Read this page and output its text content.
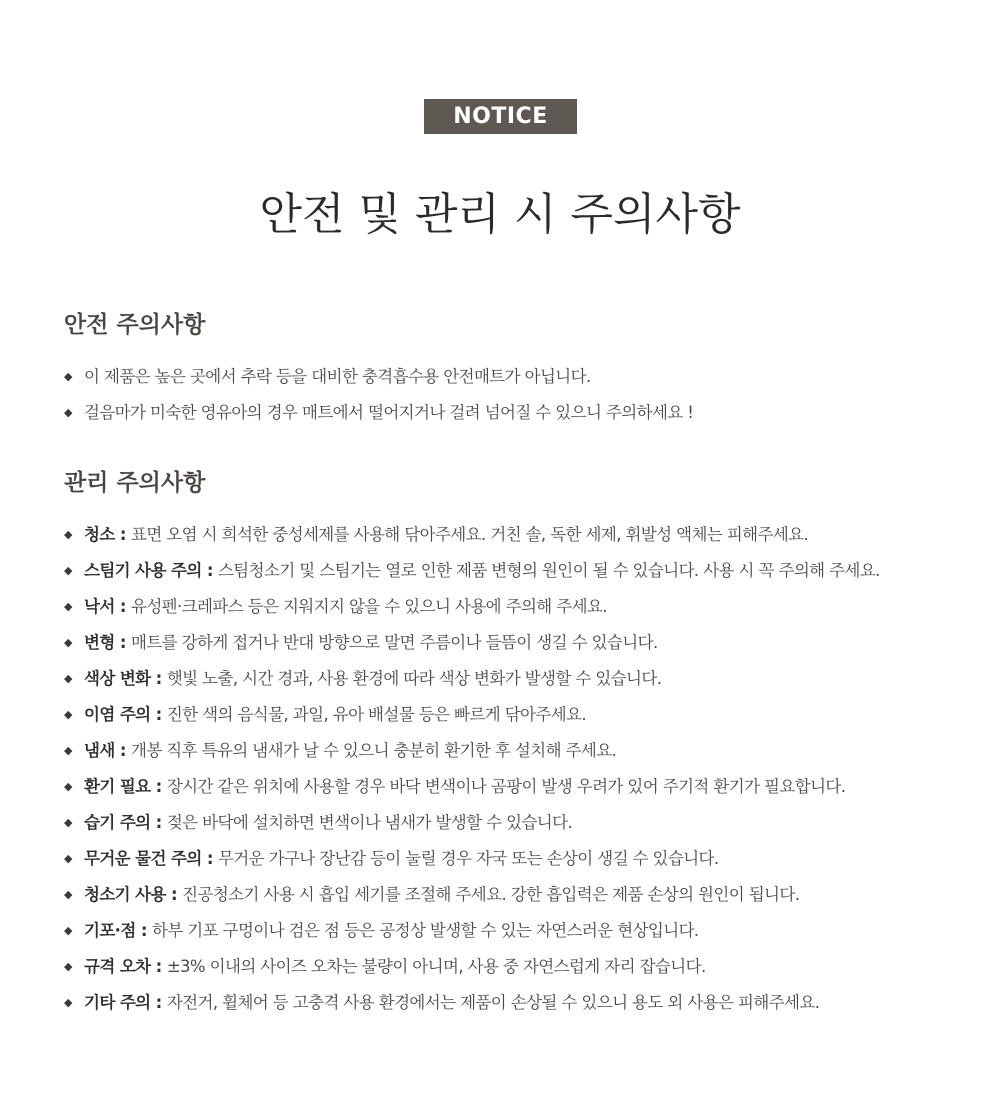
NOTICE
안전 및 관리 시 주의사항
안전 주의사항
◆ 이 제품은 높은 곳에서 추락 등을 대비한 충격흡수용 안전매트가 아닙니다.
◆ 걸음마가 미숙한 영유아의 경우 매트에서 떨어지거나 걸려 넘어질 수 있으니 주의하세요 !
관리 주의사항
◆ 청소 : 표면 오염 시 희석한 중성세제를 사용해 닦아주세요. 거친 솔, 독한 세제, 휘발성 액체는 피해주세요.
◆ 스팀기 사용 주의 : 스팀청소기 및 스팀기는 열로 인한 제품 변형의 원인이 될 수 있습니다. 사용 시 꼭 주의해 주세요.
◆ 낙서 : 유성펜·크레파스 등은 지워지지 않을 수 있으니 사용에 주의해 주세요.
◆ 변형 : 매트를 강하게 접거나 반대 방향으로 말면 주름이나 들뜸이 생길 수 있습니다.
◆ 색상 변화 : 햇빛 노출, 시간 경과, 사용 환경에 따라 색상 변화가 발생할 수 있습니다.
◆ 이염 주의 : 진한 색의 음식물, 과일, 유아 배설물 등은 빠르게 닦아주세요.
◆ 냄새 : 개봉 직후 특유의 냄새가 날 수 있으니 충분히 환기한 후 설치해 주세요.
◆ 환기 필요 : 장시간 같은 위치에 사용할 경우 바닥 변색이나 곰팡이 발생 우려가 있어 주기적 환기가 필요합니다.
◆ 습기 주의 : 젖은 바닥에 설치하면 변색이나 냄새가 발생할 수 있습니다.
◆ 무거운 물건 주의 : 무거운 가구나 장난감 등이 눌릴 경우 자국 또는 손상이 생길 수 있습니다.
◆ 청소기 사용 : 진공청소기 사용 시 흡입 세기를 조절해 주세요. 강한 흡입력은 제품 손상의 원인이 됩니다.
◆ 기포·점 : 하부 기포 구멍이나 검은 점 등은 공정상 발생할 수 있는 자연스러운 현상입니다.
◆ 규격 오차 : ±3% 이내의 사이즈 오차는 불량이 아니며, 사용 중 자연스럽게 자리 잡습니다.
◆ 기타 주의 : 자전거, 휠체어 등 고충격 사용 환경에서는 제품이 손상될 수 있으니 용도 외 사용은 피해주세요.
